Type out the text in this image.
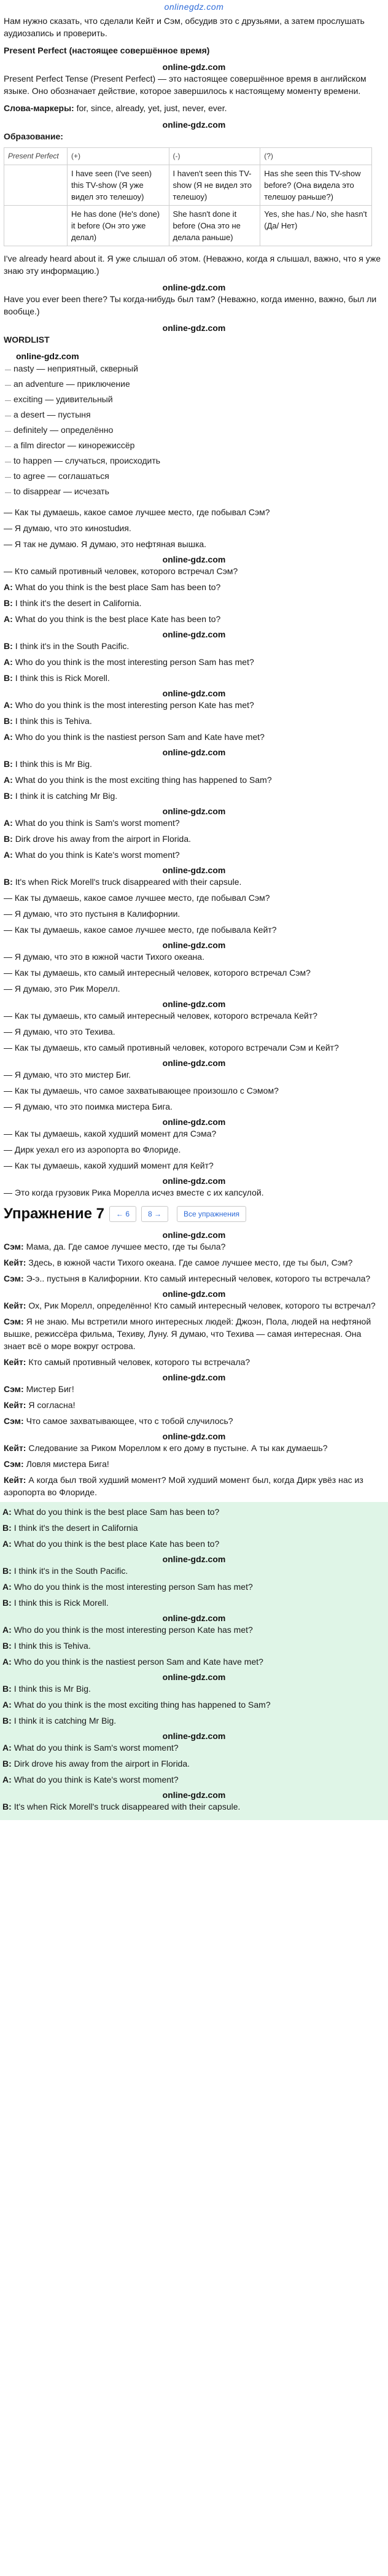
onlinegdz.com

Нам нужно сказать, что сделали Кейт и Сэм, обсудив это с друзьями, а затем прослушать аудиозапись и проверить.

Present Perfect (настоящее совершённое время)

online-gdz.com

Present Perfect Tense (Present Perfect) — это настоящее совершённое время в английском языке. Оно обозначает действие, которое завершилось к настоящему моменту времени.

Слова-маркеры: for, since, already, yet, just, never, ever.

online-gdz.com

Образование:

Present Perfect	(+)	(-)	(?)
	I have seen (I've seen) this TV-show (Я уже видел это телешоу)	I haven't seen this TV-show (Я не видел это телешоу)	Has she seen this TV-show before? (Она видела это телешоу раньше?)
	He has done (He's done) it before (Он это уже делал)	She hasn't done it before (Она это не делала раньше)	Yes, she has./ No, she hasn't (Да/ Нет)

I've already heard about it. Я уже слышал об этом. (Неважно, когда я слышал, важно, что я уже знаю эту информацию.)

online-gdz.com

Have you ever been there? Ты когда-нибудь был там? (Неважно, когда именно, важно, был ли вообще.)

online-gdz.com

WORDLIST

online-gdz.com
— nasty — неприятный, скверный
— an adventure — приключение
— exciting — удивительный
— a desert — пустыня
— definitely — определённо
— a film director — кинорежиссёр
— to happen — случаться, происходить
— to agree — соглашаться
— to disappear — исчезать

— Как ты думаешь, какое самое лучшее место, где побывал Сэм?

— Я думаю, что это кинostudия.

— Я так не думаю. Я думаю, это нефтяная вышка.

online-gdz.com

— Кто самый противный человек, которого встречал Сэм?

A: What do you think is the best place Sam has been to?

B: I think it's the desert in California.

A: What do you think is the best place Kate has been to?

online-gdz.com

B: I think it's in the South Pacific.

A: Who do you think is the most interesting person Sam has met?

B: I think this is Rick Morell.

online-gdz.com

A: Who do you think is the most interesting person Kate has met?

B: I think this is Tehiva.

A: Who do you think is the nastiest person Sam and Kate have met?

online-gdz.com

B: I think this is Mr Big.

A: What do you think is the most exciting thing has happened to Sam?

B: I think it is catching Mr Big.

online-gdz.com

A: What do you think is Sam's worst moment?

B: Dirk drove his away from the airport in Florida.

A: What do you think is Kate's worst moment?

online-gdz.com

B: It's when Rick Morell's truck disappeared with their capsule.

— Как ты думаешь, какое самое лучшее место, где побывал Сэм?

— Я думаю, что это пустыня в Калифорнии.

— Как ты думаешь, какое самое лучшее место, где побывала Кейт?

online-gdz.com

— Я думаю, что это в южной части Тихого океана.

— Как ты думаешь, кто самый интересный человек, которого встречал Сэм?

— Я думаю, это Рик Морелл.

online-gdz.com

— Как ты думаешь, кто самый интересный человек, которого встречала Кейт?

— Я думаю, что это Техива.

— Как ты думаешь, кто самый противный человек, которого встречали Сэм и Кейт?

online-gdz.com

— Я думаю, что это мистер Биг.

— Как ты думаешь, что самое захватывающее произошло с Сэмом?

— Я думаю, что это поимка мистера Бига.

online-gdz.com

— Как ты думаешь, какой худший момент для Сэма?

— Дирк уехал его из аэропорта во Флориде.

— Как ты думаешь, какой худший момент для Кейт?

online-gdz.com

— Это когда грузовик Рика Морелла исчез вместе с их капсулой.

Упражнение 7	← 6	8 →	Все упражнения
online-gdz.com

Сэм: Мама, да. Где самое лучшее место, где ты была?

Кейт: Здесь, в южной части Тихого океана. Где самое лучшее место, где ты был, Сэм?

Сэм: Э-э.. пустыня в Калифорнии. Кто самый интересный человек, которого ты встречала?

online-gdz.com

Кейт: Ох, Рик Морелл, определённо! Кто самый интересный человек, которого ты встречал?

Сэм: Я не знаю. Мы встретили много интересных людей: Джоэн, Пола, людей на нефтяной вышке, режиссёра фильма, Техиву, Луну. Я думаю, что Техива — самая интересная. Она знает всё о море вокруг острова.

Кейт: Кто самый противный человек, которого ты встречала?

online-gdz.com

Сэм: Мистер Биг!

Кейт: Я согласна!

Сэм: Что самое захватывающее, что с тобой случилось?

online-gdz.com

Кейт: Следование за Риком Мореллом к его дому в пустыне. А ты как думаешь?

Сэм: Ловля мистера Бига!

Кейт: А когда был твой худший момент? Мой худший момент был, когда Дирк увёз нас из аэропорта во Флориде.

A: What do you think is the best place Sam has been to?

B: I think it's the desert in California

A: What do you think is the best place Kate has been to?

online-gdz.com

B: I think it's in the South Pacific.

A: Who do you think is the most interesting person Sam has met?

B: I think this is Rick Morell.

online-gdz.com

A: Who do you think is the most interesting person Kate has met?

B: I think this is Tehiva.

A: Who do you think is the nastiest person Sam and Kate have met?

online-gdz.com

B: I think this is Mr Big.

A: What do you think is the most exciting thing has happened to Sam?

B: I think it is catching Mr Big.

online-gdz.com

A: What do you think is Sam's worst moment?

B: Dirk drove his away from the airport in Florida.

A: What do you think is Kate's worst moment?

online-gdz.com

B: It's when Rick Morell's truck disappeared with their capsule.
